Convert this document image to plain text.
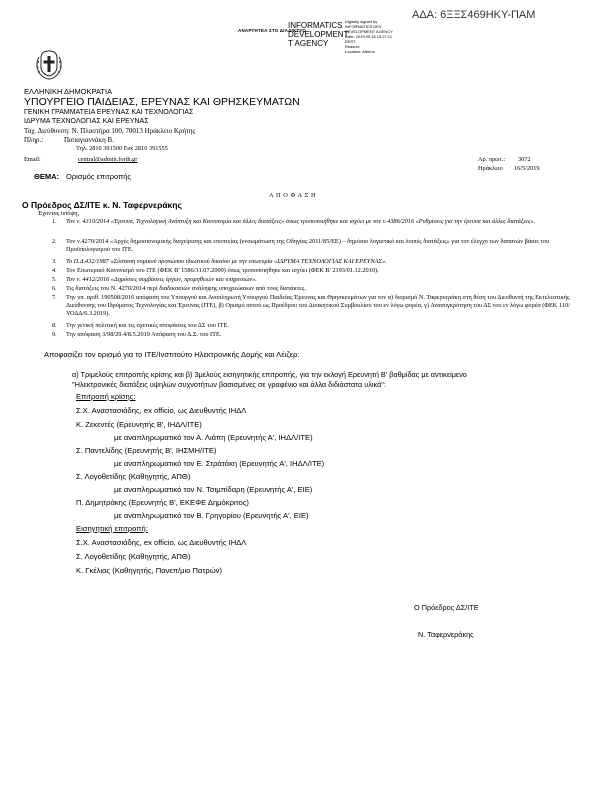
ΑΔΑ: 6ΞΞΣ469ΗΚΥ-ΠΑΜ
ΑΝΑΡΤΗΤΕΑ ΣΤΟ ΔΙΑΔΙΚΤΥΟ
INFORMATICS
DEVELOPMENT
T AGENCY
Digitally signed by
INFORMATICS DEV
DEVELOPMENT AGENCY
Date: 2019.05.16 15:27:11
EEST
Reason:
Location: Athens
ΕΛΛΗΝΙΚΗ ΔΗΜΟΚΡΑΤΙΑ
ΥΠΟΥΡΓΕΙΟ ΠΑΙΔΕΙΑΣ, ΕΡΕΥΝΑΣ ΚΑΙ ΘΡΗΣΚΕΥΜΑΤΩΝ
ΓΕΝΙΚΗ ΓΡΑΜΜΑΤΕΙΑ ΕΡΕΥΝΑΣ ΚΑΙ ΤΕΧΝΟΛΟΓΙΑΣ
ΙΔΡΥΜΑ ΤΕΧΝΟΛΟΓΙΑΣ ΚΑΙ ΕΡΕΥΝΑΣ
Ταχ. Διεύθυνση: Ν. Πλαστήρα 100, 70013 Ηράκλειο Κρήτης
Πληρ.:	Παπαγιαννάκη Β.
Τηλ. 2810 391500 Fax 2810 391555
Email:	central@admin.forth.gr	Αρ. πρωτ.: 3072
Ηράκλειο 16/5/2019
ΘΕΜΑ: Ορισμός επιτροπής
Α Π Ο Φ Α Σ Η
Ο Πρόεδρος ΔΣ/ΙΤΕ κ. Ν. Ταφερνεράκης
Έχοντας υπόψη,
1. Τον ν. 4310/2014 «Έρευνα, Τεχνολογική Ανάπτυξη και Καινοτομία και άλλες διατάξεις» όπως τροποποιήθηκε και ισχύει με τον ν.4386/2016 «Ρυθμίσεις για την έρευνα και άλλες διατάξεις».
2. Τον ν.4270/2014 «Αρχές δημοσιονομικής διαχείρισης και εποπτείας (ενσωμάτωση της Οδηγίας 2011/85/ΕΕ) – δημόσιο λογιστικό και λοιπές διατάξεις» για τον έλεγχο των δαπανών βάσει του Προϋπολογισμού του ΙΤΕ.
3. Το Π.Δ.432/1987 «Σύσταση νομικού προσώπου ιδιωτικού δικαίου με την επωνυμία «ΙΔΡΥΜΑ ΤΕΧΝΟΛΟΓΙΑΣ ΚΑΙ ΕΡΕΥΝΑΣ».
4. Τον Εσωτερικό Κανονισμό του ΙΤΕ (ΦΕΚ Β' 1586/31.07.2009) όπως τροποποιήθηκε και ισχύει (ΦΕΚ Β' 2193/01.12.2010).
5. Τον ν. 4412/2016 «Δημόσιες συμβάσεις έργων, προμηθειών και υπηρεσιών».
6. Τις διατάξεις του Ν. 4270/2014 περί διαδικασιών ανάληψης υποχρεώσεων από τους διατάκτες.
7. Την υπ. αριθ. 190508/2016 απόφαση του Υπουργού και Αναπληρωτή Υπουργού Παιδείας Έρευνας και Θρησκευμάτων για τον α) διορισμό Ν. Ταφερνεράκη στη θέση του Διευθυντή της Εκτελεστικής Διεύθυνσης του Ιδρύματος Τεχνολογίας και Έρευνας (ΙΤΕ), β) Ορισμό αυτού ως Προέδρου του Διοικητικού Συμβουλίου του εν λόγω φορέα, γ) Ανασυγκρότηση του ΔΣ του εν λόγω φορέα (ΦΕΚ 110/ΥΟΔΔ/6.3.2019).
8. Την γενική πολιτική και τις σχετικές αποφάσεις του ΔΣ του ΙΤΕ.
9. Την απόφαση 3/98/29.4/8.5.2019 Απόφαση του Δ.Σ. του ΙΤΕ.
Αποφασίζει τον ορισμό για το ΙΤΕ/Ινστιτούτο Ηλεκτρονικής Δομής και Λέιζερ:
α) Τριμελούς επιτροπής κρίσης και β) 3μελούς εισηγητικής επιτροπής, για την εκλογή Ερευνητή Β' βαθμίδας με αντικείμενο "Ηλεκτρονικές διατάξεις υψηλών συχνοτήτων βασισμένες σε γραφένιο και άλλα διδιάστατα υλικά":
Επιτροπή κρίσης:
Σ.Χ. Αναστασιάδης, ex officio, ως Διευθυντής ΙΗΔΛ
Κ. Ζεκεντές (Ερευνητής Β', ΙΗΔΛ/ΙΤΕ)
με αναπληρωματικό τον Α. Λιάπη (Ερευνητής Α', ΙΗΔΛ/ΙΤΕ)
Σ. Παντελίδης (Ερευνητής Β', ΙΗΣΜΗ/ΙΤΕ)
με αναπληρωματικό τον Ε. Στράτάκη (Ερευνητής Α', ΙΗΔΛ/ΙΤΕ)
Σ. Λογοθετίδης (Καθηγητής, ΑΠΘ)
με αναπληρωματικό τον Ν. Τσιμπίδαρη (Ερευνητής Α', ΕΙΕ)
Π. Δημητράκης (Ερευνητής Β', ΕΚΕΦΕ Δημόκριτος)
με αναπληρωματικό τον Β. Γρηγορίου (Ερευνητής Α', ΕΙΕ)
Εισηγητική επιτροπή:
Σ.Χ. Αναστασιάδης, ex officio, ως Διευθυντής ΙΗΔΛ
Σ. Λογοθετίδης (Καθηγητής, ΑΠΘ)
Κ. Γκέλιας (Καθηγητής, Πανεπ/μιο Πατρών)
Ο Πρόεδρος ΔΣ/ΙΤΕ
Ν. Ταφερνεράκης
